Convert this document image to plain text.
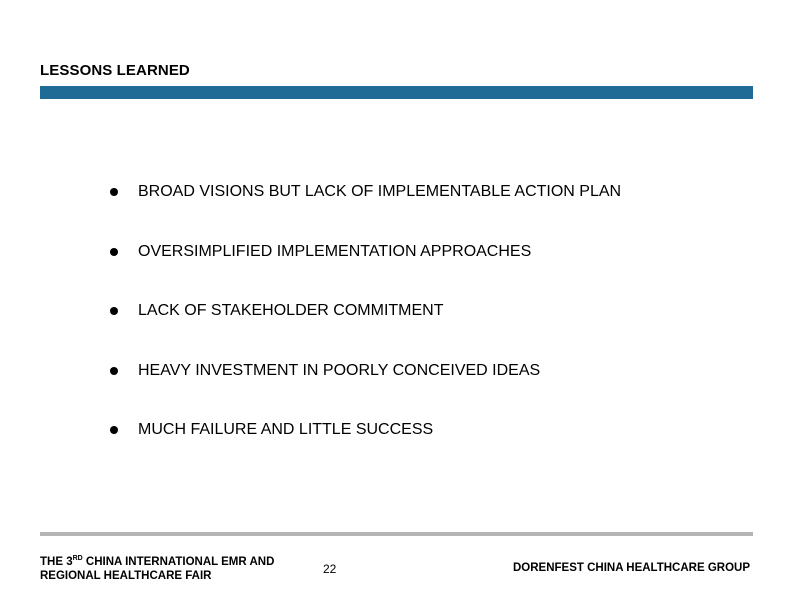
LESSONS LEARNED
BROAD VISIONS BUT LACK OF IMPLEMENTABLE ACTION PLAN
OVERSIMPLIFIED IMPLEMENTATION APPROACHES
LACK OF STAKEHOLDER COMMITMENT
HEAVY INVESTMENT IN POORLY CONCEIVED IDEAS
MUCH FAILURE AND LITTLE SUCCESS
THE 3RD CHINA INTERNATIONAL EMR AND
REGIONAL HEALTHCARE FAIR	22	DORENFEST CHINA HEALTHCARE GROUP
